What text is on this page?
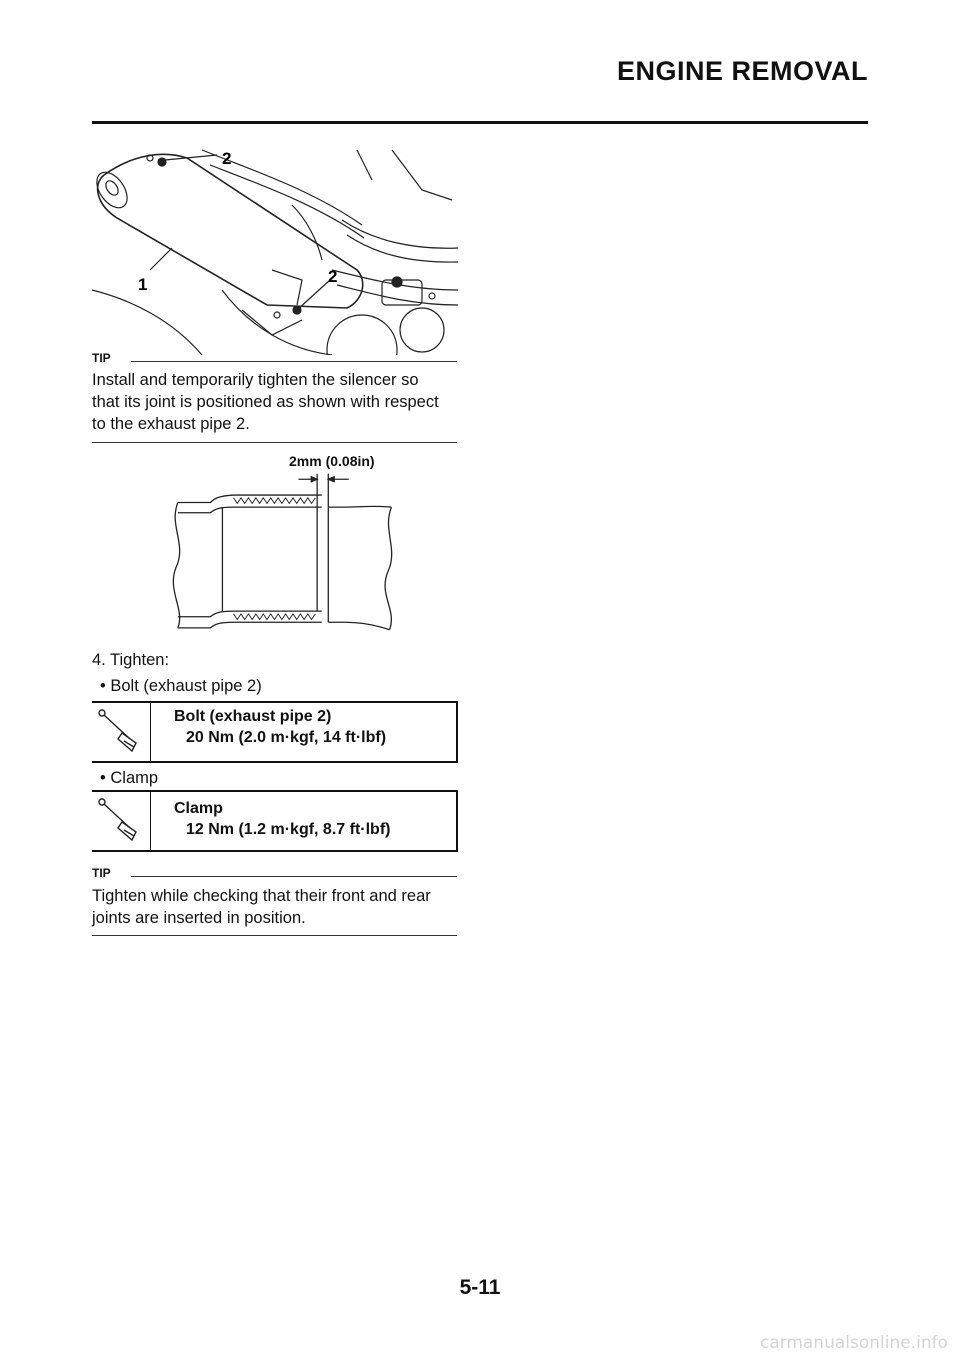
ENGINE REMOVAL
2
1	2
TIP
Install and temporarily tighten the silencer so
that its joint is positioned as shown with respect
to the exhaust pipe 2.
2mm (0.08in)
4. Tighten:
• Bolt (exhaust pipe 2)
Bolt (exhaust pipe 2)
20 Nm (2.0 m·kgf, 14 ft·lbf)
• Clamp
Clamp
12 Nm (1.2 m·kgf, 8.7 ft·lbf)
TIP
Tighten while checking that their front and rear
joints are inserted in position.
5-11
carmanualsonline.info
